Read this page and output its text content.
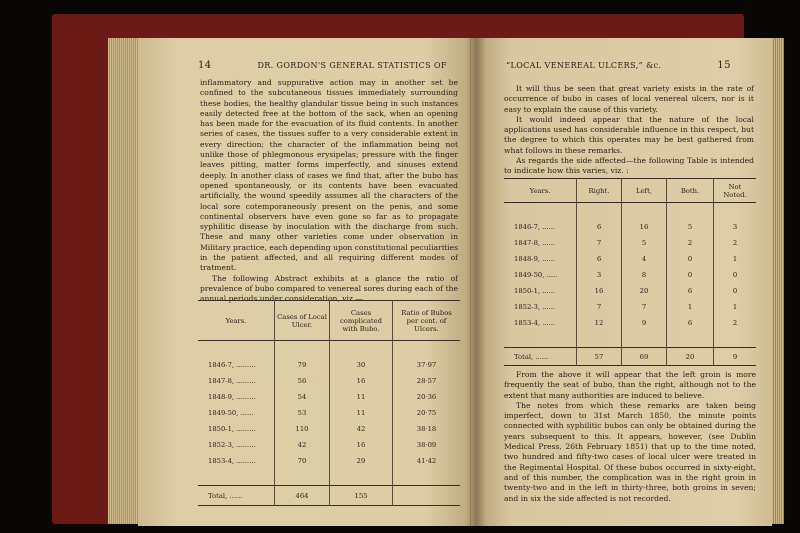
14	DR. GORDON'S GENERAL STATISTICS OF

inflammatory and suppurative action may in another set be confined to the subcutaneous tissues immediately surrounding these bodies, the healthy glandular tissue being in such instances easily detected free at the bottom of the sack, when an opening has been made for the evacuation of its fluid contents. In another series of cases, the tissues suffer to a very considerable extent in every direction; the character of the inflammation being not unlike those of phlegmonous erysipelas; pressure with the finger leaves pitting, matter forms imperfectly, and sinuses extend deeply. In another class of cases we find that, after the bubo has opened spontaneously, or its contents have been evacuated artificially, the wound speedily assumes all the characters of the local sore cotemporaneously present on the penis, and some continental observers have even gone so far as to propagate syphilitic disease by inoculation with the discharge from such. These and many other varieties come under observation in Military practice, each depending upon constitutional peculiarities in the patient affected, and all requiring different modes of tratment.

The following Abstract exhibits at a glance the ratio of prevalence of bubo compared to venereal sores during each of the annual periods under consideration, viz.—

Years.	Cases of Local Ulcer.	Cases complicated with Bubo.	Ratio of Bubos per cent. of Ulcers.

1846-7, .........	79	30	37·97
1847-8, .........	56	16	28·57
1848-9, .........	54	11	20·36
1849-50, ......	53	11	20·75
1850-1, .........	110	42	38·18
1852-3, .........	42	16	38·09
1853-4, .........	70	29	41·42

Total, ......	464	155	
“LOCAL VENEREAL ULCERS,” &c.	15

It will thus be seen that great variety exists in the rate of occurrence of bubo in cases of local venereal ulcers, nor is it easy to explain the cause of this variety.

It would indeed appear that the nature of the local applications used has considerable influence in this respect, but the degree to which this operates may be best gathered from what follows in these remarks.

As regards the side affected—the following Table is intended to indicate how this varies, viz. :

Years.	Right.	Left,	Both.	Not Noted.

1846-7, ......	6	16	5	3
1847-8, ......	7	5	2	2
1848-9, ......	6	4	0	1
1849-50, .....	3	8	0	0
1850-1, ......	16	20	6	0
1852-3, ......	7	7	1	1
1853-4, ......	12	9	6	2

Total, ......	57	69	20	9

From the above it will appear that the left groin is more frequently the seat of bubo, than the right, although not to the extent that many authorities are induced to believe.

The notes from which these remarks are taken being imperfect, down to 31st March 1850, the minute points connected with syphilitic bubos can only be obtained during the years subsequent to this. It appears, however, (see Dublin Medical Press, 26th February 1851) that up to the time noted, two hundred and fifty-two cases of local ulcer were treated in the Regimental Hospital. Of these bubos occurred in sixty-eight, and of this number, the complication was in the right groin in twenty-two and in the left in thirty-three, both groins in seven; and in six the side affected is not recorded.
